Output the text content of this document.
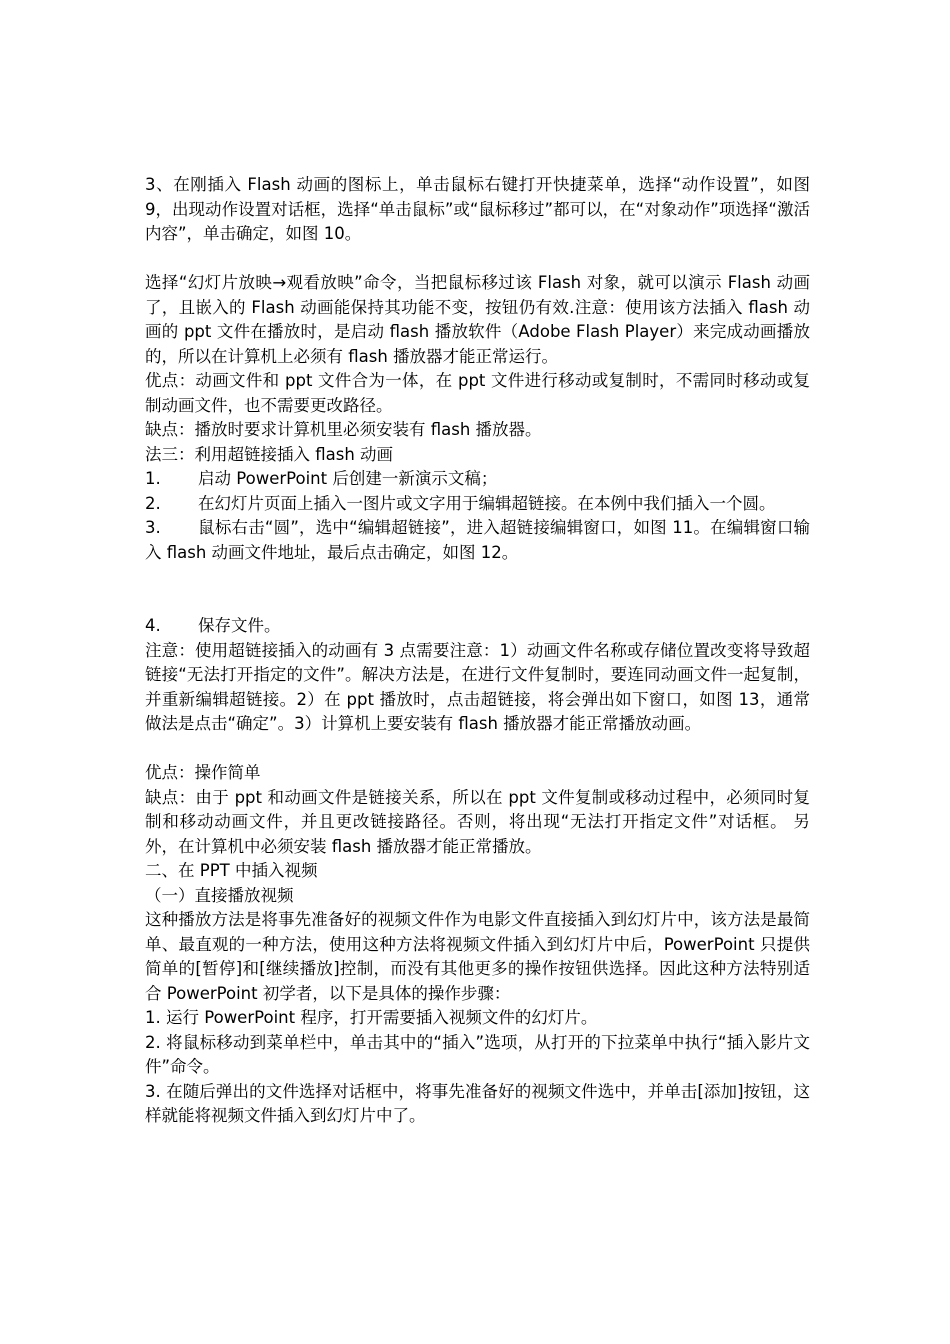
3、在刚插入 Flash 动画的图标上，单击鼠标右键打开快捷菜单，选择“动作设置”，如图 9，出现动作设置对话框，选择“单击鼠标”或“鼠标移过”都可以，在“对象动作”项选择“激活内容”，单击确定，如图 10。

选择“幻灯片放映→观看放映”命令，当把鼠标移过该 Flash 对象，就可以演示 Flash 动画了，且嵌入的 Flash 动画能保持其功能不变，按钮仍有效.注意：使用该方法插入 flash 动画的 ppt 文件在播放时，是启动 flash 播放软件（Adobe Flash Player）来完成动画播放的，所以在计算机上必须有 flash 播放器才能正常运行。

优点：动画文件和 ppt 文件合为一体，在 ppt 文件进行移动或复制时，不需同时移动或复制动画文件，也不需要更改路径。

缺点：播放时要求计算机里必须安装有 flash 播放器。

法三：利用超链接插入 flash 动画

1. 启动 PowerPoint 后创建一新演示文稿；

2. 在幻灯片页面上插入一图片或文字用于编辑超链接。在本例中我们插入一个圆。

3. 鼠标右击“圆”，选中“编辑超链接”，进入超链接编辑窗口，如图 11。在编辑窗口输入 flash 动画文件地址，最后点击确定，如图 12。

4. 保存文件。

注意：使用超链接插入的动画有 3 点需要注意：1）动画文件名称或存储位置改变将导致超链接“无法打开指定的文件”。解决方法是，在进行文件复制时，要连同动画文件一起复制，并重新编辑超链接。2）在 ppt 播放时，点击超链接，将会弹出如下窗口，如图 13，通常做法是点击“确定”。3）计算机上要安装有 flash 播放器才能正常播放动画。

优点：操作简单

缺点：由于 ppt 和动画文件是链接关系，所以在 ppt 文件复制或移动过程中，必须同时复制和移动动画文件，并且更改链接路径。否则，将出现“无法打开指定文件”对话框。 另外，在计算机中必须安装 flash 播放器才能正常播放。

二、在 PPT 中插入视频

（一）直接播放视频

这种播放方法是将事先准备好的视频文件作为电影文件直接插入到幻灯片中，该方法是最简单、最直观的一种方法，使用这种方法将视频文件插入到幻灯片中后，PowerPoint 只提供简单的[暂停]和[继续播放]控制，而没有其他更多的操作按钮供选择。因此这种方法特别适合 PowerPoint 初学者，以下是具体的操作步骤：

1. 运行 PowerPoint 程序，打开需要插入视频文件的幻灯片。

2. 将鼠标移动到菜单栏中，单击其中的“插入”选项，从打开的下拉菜单中执行“插入影片文件”命令。

3. 在随后弹出的文件选择对话框中，将事先准备好的视频文件选中，并单击[添加]按钮，这样就能将视频文件插入到幻灯片中了。
